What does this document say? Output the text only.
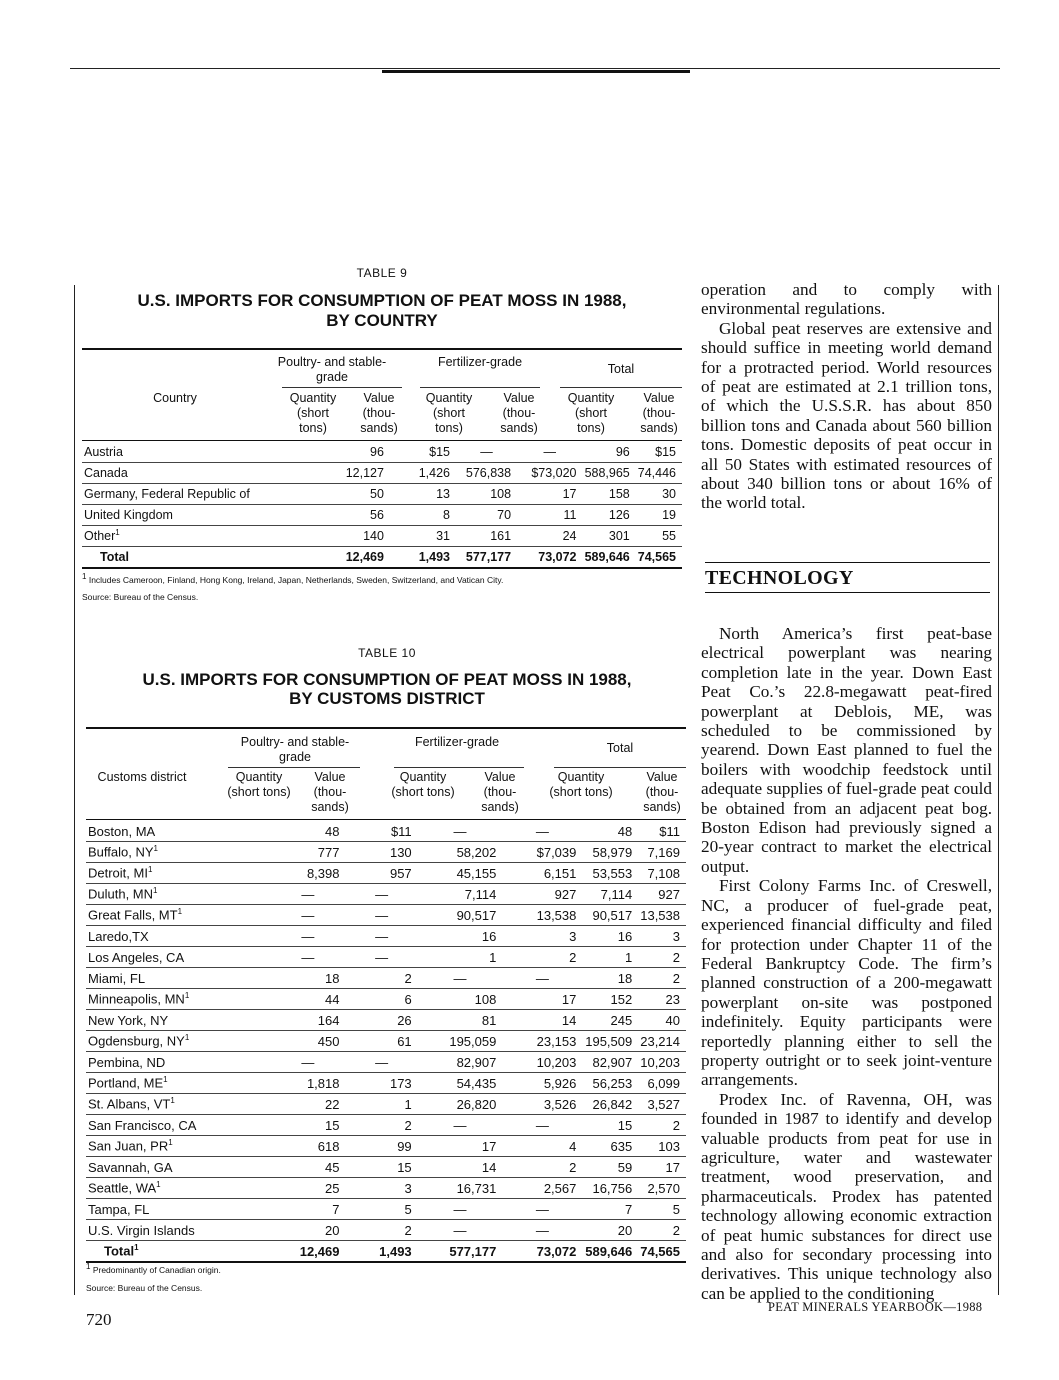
TABLE 9
U.S. IMPORTS FOR CONSUMPTION OF PEAT MOSS IN 1988,
BY COUNTRY
Country
Poultry- and stable-grade
Fertilizer-grade	Total
Quantity (short tons)
Value (thou-sands)
Quantity (short tons)
Value (thou-sands)
Quantity (short tons)
Value (thou-sands)
Austria		96	$15	—	—	96	$15
Canada		12,127	1,426	576,838	$73,020	588,965	74,446
Germany, Federal Republic of		50	13	108	17	158	30
United Kingdom		56	8	70	11	126	19
Other$^1$		140	31	161	24	301	55
Total		12,469	1,493	577,177	73,072	589,646	74,565
$^1$ Includes Cameroon, Finland, Hong Kong, Ireland, Japan, Netherlands, Sweden, Switzerland, and Vatican City.
Source: Bureau of the Census.
TABLE 10
U.S. IMPORTS FOR CONSUMPTION OF PEAT MOSS IN 1988,
BY CUSTOMS DISTRICT
Customs district
Poultry- and stable-grade
Fertilizer-grade	Total
Quantity (short tons)
Value (thou-sands)
Quantity (short tons)
Value (thou-sands)
Quantity (short tons)
Value (thou-sands)
Boston, MA		48	$11	—	—	48	$11
Buffalo, $NY^1$		777	130	58,202	$7,039	58,979	7,169
Detroit, $MI^1$		8,398	957	45,155	6,151	53,553	7,108
Duluth, $MN^1$		—	—	7,114	927	7,114	927
Great Falls, $MT^1$		—	—	90,517	13,538	90,517	13,538
Laredo,TX		—	—	16	3	16	3
Los Angeles, CA		—	—	1	2	1	2
Miami, FL		18	2	—	—	18	2
Minneapolis, $MN^1$		44	6	108	17	152	23
New York, NY		164	26	81	14	245	40
Ogdensburg, $NY^1$		450	61	195,059	23,153	195,509	23,214
Pembina, ND		—	—	82,907	10,203	82,907	10,203
Portland, $ME^1$		1,818	173	54,435	5,926	56,253	6,099
St. Albans, $VT^1$		22	1	26,820	3,526	26,842	3,527
San Francisco, CA		15	2	—	—	15	2
San Juan, $PR^1$		618	99	17	4	635	103
Savannah, GA		45	15	14	2	59	17
Seattle, $WA^1$		25	3	16,731	2,567	16,756	2,570
Tampa, FL		7	5	—	—	7	5
U.S. Virgin Islands		20	2	—	—	20	2
Total$^1$		12,469	1,493	577,177	73,072	589,646	74,565
$^1$ Predominantly of Canadian origin.
Source: Bureau of the Census.

operation and to comply with environmental regulations.

Global peat reserves are extensive and should suffice in meeting world demand for a protracted period. World resources of peat are estimated at 2.1 trillion tons, of which the U.S.S.R. has about 850 billion tons and Canada about 560 billion tons. Domestic deposits of peat occur in all 50 States with estimated resources of about 340 billion tons or about 16% of the world total.

TECHNOLOGY

North America’s first peat-base electrical powerplant was nearing completion late in the year. Down East Peat Co.’s 22.8-megawatt peat-fired powerplant at Deblois, ME, was scheduled to be commissioned by yearend. Down East planned to fuel the boilers with woodchip feedstock until adequate supplies of fuel-grade peat could be obtained from an adjacent peat bog. Boston Edison had previously signed a 20-year contract to market the electrical output.

First Colony Farms Inc. of Creswell, NC, a producer of fuel-grade peat, experienced financial difficulty and filed for protection under Chapter 11 of the Federal Bankruptcy Code. The firm’s planned construction of a 200-megawatt powerplant on-site was postponed indefinitely. Equity participants were reportedly planning either to sell the property outright or to seek joint-venture arrangements.

Prodex Inc. of Ravenna, OH, was founded in 1987 to identify and develop valuable products from peat for use in agriculture, water and wastewater treatment, wood preservation, and pharmaceuticals. Prodex has patented technology allowing economic extraction of peat humic substances for direct use and also for secondary processing into derivatives. This unique technology also can be applied to the conditioning

720
PEAT MINERALS YEARBOOK—1988
